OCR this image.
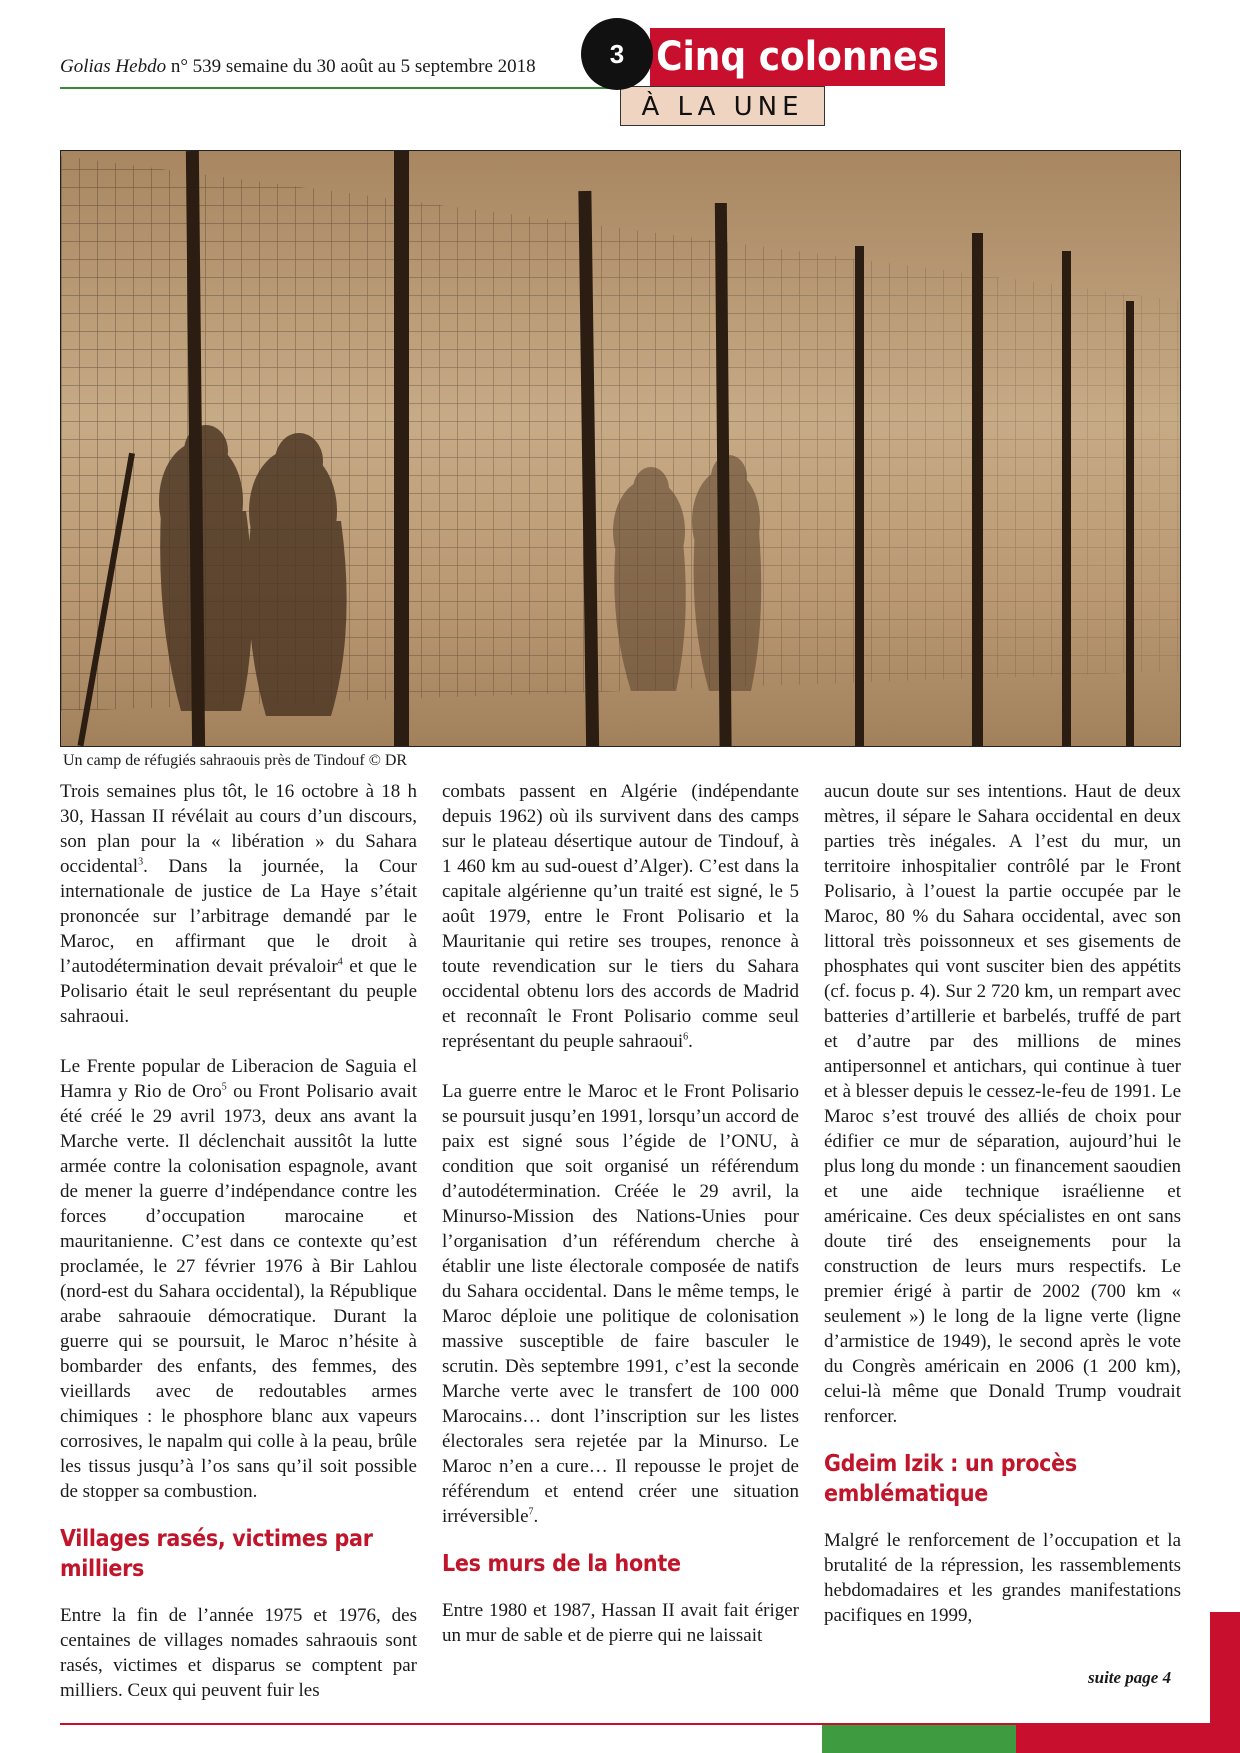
Golias Hebdo n° 539 semaine du 30 août au 5 septembre 2018	3 Cinq colonnes
À LA UNE
Un camp de réfugiés sahraouis près de Tindouf © DR

Trois semaines plus tôt, le 16 octobre à 18 h 30, Hassan II révélait au cours d’un discours, son plan pour la « libération » du Sahara occidental$^3$. Dans la journée, la Cour internationale de justice de La Haye s’était prononcée sur l’arbitrage demandé par le Maroc, en affirmant que le droit à l’autodétermination devait prévaloir$^4$ et que le Polisario était le seul représentant du peuple sahraoui.

Le Frente popular de Liberacion de Saguia el Hamra y Rio de Oro$^5$ ou Front Polisario avait été créé le 29 avril 1973, deux ans avant la Marche verte. Il déclenchait aussitôt la lutte armée contre la colonisation espagnole, avant de mener la guerre d’indépendance contre les forces d’occupation marocaine et mauritanienne. C’est dans ce contexte qu’est proclamée, le 27 février 1976 à Bir Lahlou (nord-est du Sahara occidental), la République arabe sahraouie démocratique. Durant la guerre qui se poursuit, le Maroc n’hésite à bombarder des enfants, des femmes, des vieillards avec de redoutables armes chimiques : le phosphore blanc aux vapeurs corrosives, le napalm qui colle à la peau, brûle les tissus jusqu’à l’os sans qu’il soit possible de stopper sa combustion.

Villages rasés, victimes par milliers

Entre la fin de l’année 1975 et 1976, des centaines de villages nomades sahraouis sont rasés, victimes et disparus se comptent par milliers. Ceux qui peuvent fuir les

combats passent en Algérie (indépendante depuis 1962) où ils survivent dans des camps sur le plateau désertique autour de Tindouf, à 1 460 km au sud-ouest d’Alger). C’est dans la capitale algérienne qu’un traité est signé, le 5 août 1979, entre le Front Polisario et la Mauritanie qui retire ses troupes, renonce à toute revendication sur le tiers du Sahara occidental obtenu lors des accords de Madrid et reconnaît le Front Polisario comme seul représentant du peuple sahraoui$^6$.

La guerre entre le Maroc et le Front Polisario se poursuit jusqu’en 1991, lorsqu’un accord de paix est signé sous l’égide de l’ONU, à condition que soit organisé un référendum d’autodétermination. Créée le 29 avril, la Minurso-Mission des Nations-Unies pour l’organisation d’un référendum cherche à établir une liste électorale composée de natifs du Sahara occidental. Dans le même temps, le Maroc déploie une politique de colonisation massive susceptible de faire basculer le scrutin. Dès septembre 1991, c’est la seconde Marche verte avec le transfert de 100 000 Marocains… dont l’inscription sur les listes électorales sera rejetée par la Minurso. Le Maroc n’en a cure… Il repousse le projet de référendum et entend créer une situation irréversible$^7$.

Les murs de la honte

Entre 1980 et 1987, Hassan II avait fait ériger un mur de sable et de pierre qui ne laissait

aucun doute sur ses intentions. Haut de deux mètres, il sépare le Sahara occidental en deux parties très inégales. A l’est du mur, un territoire inhospitalier contrôlé par le Front Polisario, à l’ouest la partie occupée par le Maroc, 80 % du Sahara occidental, avec son littoral très poissonneux et ses gisements de phosphates qui vont susciter bien des appétits (cf. focus p. 4). Sur 2 720 km, un rempart avec batteries d’artillerie et barbelés, truffé de part et d’autre par des millions de mines antipersonnel et antichars, qui continue à tuer et à blesser depuis le cessez-le-feu de 1991. Le Maroc s’est trouvé des alliés de choix pour édifier ce mur de séparation, aujourd’hui le plus long du monde : un financement saoudien et une aide technique israélienne et américaine. Ces deux spécialistes en ont sans doute tiré des enseignements pour la construction de leurs murs respectifs. Le premier érigé à partir de 2002 (700 km « seulement ») le long de la ligne verte (ligne d’armistice de 1949), le second après le vote du Congrès américain en 2006 (1 200 km), celui-là même que Donald Trump voudrait renforcer.

Gdeim Izik : un procès emblématique

Malgré le renforcement de l’occupation et la brutalité de la répression, les rassemblements hebdomadaires et les grandes manifestations pacifiques en 1999,

suite page 4
